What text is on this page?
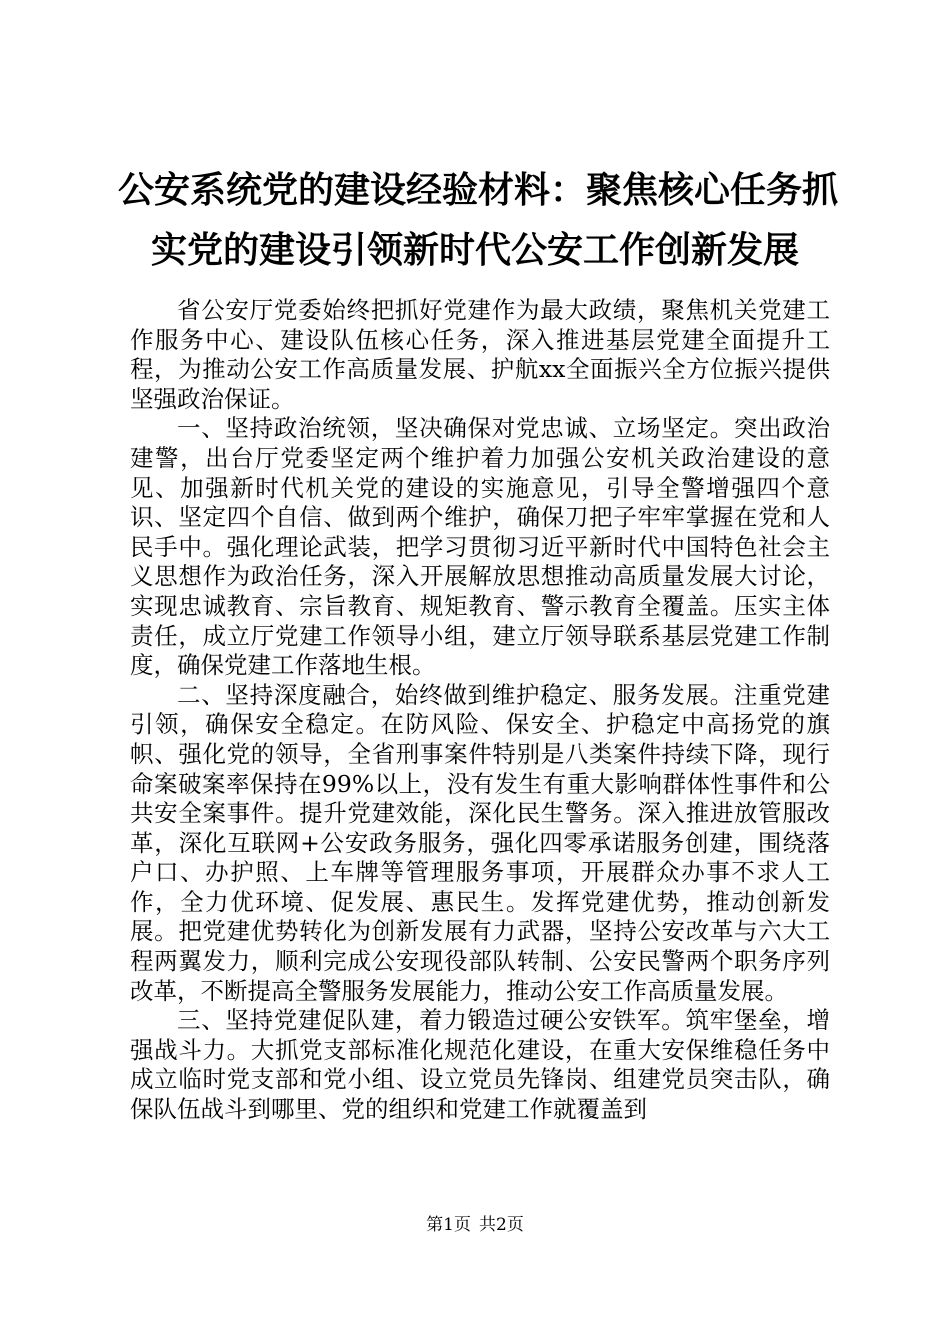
公安系统党的建设经验材料：聚焦核心任务抓
实党的建设引领新时代公安工作创新发展

省公安厅党委始终把抓好党建作为最大政绩，聚焦机关党建工作服务中心、建设队伍核心任务，深入推进基层党建全面提升工程，为推动公安工作高质量发展、护航xx全面振兴全方位振兴提供坚强政治保证。

一、坚持政治统领，坚决确保对党忠诚、立场坚定。突出政治建警，出台厅党委坚定两个维护着力加强公安机关政治建设的意见、加强新时代机关党的建设的实施意见，引导全警增强四个意识、坚定四个自信、做到两个维护，确保刀把子牢牢掌握在党和人民手中。强化理论武装，把学习贯彻习近平新时代中国特色社会主义思想作为政治任务，深入开展解放思想推动高质量发展大讨论，实现忠诚教育、宗旨教育、规矩教育、警示教育全覆盖。压实主体责任，成立厅党建工作领导小组，建立厅领导联系基层党建工作制度，确保党建工作落地生根。

二、坚持深度融合，始终做到维护稳定、服务发展。注重党建引领，确保安全稳定。在防风险、保安全、护稳定中高扬党的旗帜、强化党的领导，全省刑事案件特别是八类案件持续下降，现行命案破案率保持在99%以上，没有发生有重大影响群体性事件和公共安全案事件。提升党建效能，深化民生警务。深入推进放管服改革，深化互联网+公安政务服务，强化四零承诺服务创建，围绕落户口、办护照、上车牌等管理服务事项，开展群众办事不求人工作，全力优环境、促发展、惠民生。发挥党建优势，推动创新发展。把党建优势转化为创新发展有力武器，坚持公安改革与六大工程两翼发力，顺利完成公安现役部队转制、公安民警两个职务序列改革，不断提高全警服务发展能力，推动公安工作高质量发展。

三、坚持党建促队建，着力锻造过硬公安铁军。筑牢堡垒，增强战斗力。大抓党支部标准化规范化建设，在重大安保维稳任务中成立临时党支部和党小组、设立党员先锋岗、组建党员突击队，确保队伍战斗到哪里、党的组织和党建工作就覆盖到

第1页 共2页
